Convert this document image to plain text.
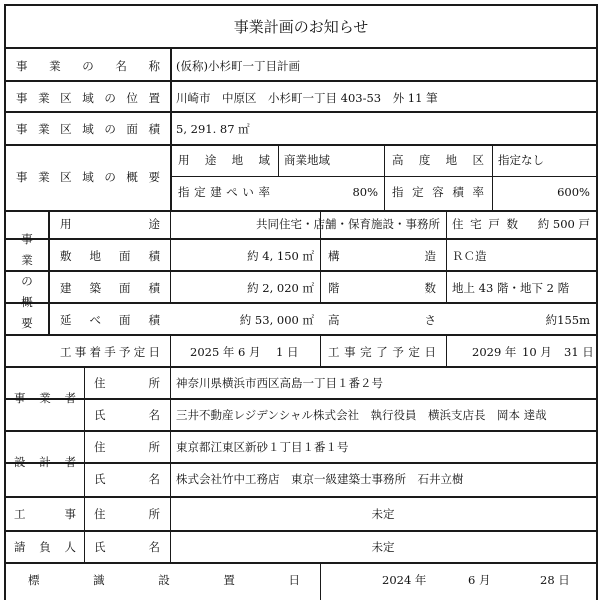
事業計画のお知らせ
事 業 の 名 称 (仮称)小杉町一丁目計画
事 業 区 域 の 位 置 川崎市　中原区　小杉町一丁目 403-53　外 11 筆
事 業 区 域 の 面 積 5, 291. 87 ㎡
事 業 区 域 の 概 要
用 途 地 域 商業地域	高 度 地 区 指定なし
指 定 建 ぺ い 率	80% 指 定 容 積 率	600%
事
業
の
概
要
用	途	共同住宅・店舗・保育施設・事務所 住 宅 戸 数	約 500 戸
敷 地 面 積	約 4, 150 ㎡ 構	造 ＲＣ造
建 築 面 積	約 2, 020 ㎡ 階	数 地上 43 階・地下 2 階
延 べ 面 積	約 53, 000 ㎡ 高	さ	約155m
工 事 着 手 予 定 日	2025 年 6 月 1 日	工 事 完 了 予 定 日	2029 年 10 月 31 日
事 業 者
住	所 神奈川県横浜市西区高島一丁目１番２号
氏	名 三井不動産レジデンシャル株式会社　執行役員　横浜支店長　岡本 達哉
設 計 者
住	所 東京都江東区新砂１丁目１番１号
氏	名 株式会社竹中工務店　東京一級建築士事務所　石井立樹
工	事
請 負 人
住	所	未定
氏	名	未定
標	識	設	置	日	2024 年	6 月	28 日
